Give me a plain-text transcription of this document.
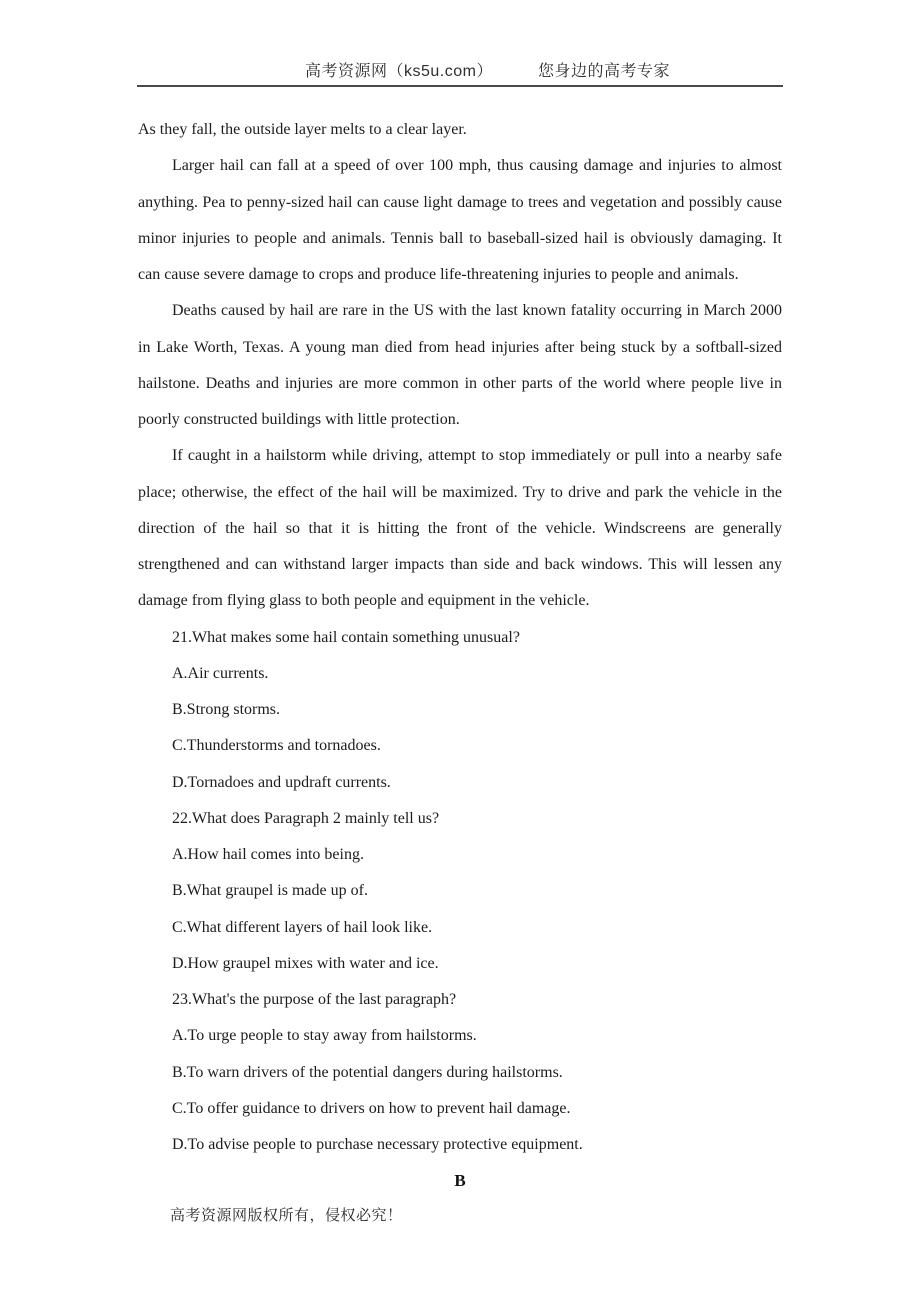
高考资源网（ks5u.com）	您身边的高考专家

As they fall, the outside layer melts to a clear layer.

Larger hail can fall at a speed of over 100 mph, thus causing damage and injuries to almost anything. Pea to penny-sized hail can cause light damage to trees and vegetation and possibly cause minor injuries to people and animals. Tennis ball to baseball-sized hail is obviously damaging. It can cause severe damage to crops and produce life-threatening injuries to people and animals.

Deaths caused by hail are rare in the US with the last known fatality occurring in March 2000 in Lake Worth, Texas. A young man died from head injuries after being stuck by a softball-sized hailstone. Deaths and injuries are more common in other parts of the world where people live in poorly constructed buildings with little protection.

If caught in a hailstorm while driving, attempt to stop immediately or pull into a nearby safe place; otherwise, the effect of the hail will be maximized. Try to drive and park the vehicle in the direction of the hail so that it is hitting the front of the vehicle. Windscreens are generally strengthened and can withstand larger impacts than side and back windows. This will lessen any damage from flying glass to both people and equipment in the vehicle.

21.What makes some hail contain something unusual?

A.Air currents.

B.Strong storms.

C.Thunderstorms and tornadoes.

D.Tornadoes and updraft currents.

22.What does Paragraph 2 mainly tell us?

A.How hail comes into being.

B.What graupel is made up of.

C.What different layers of hail look like.

D.How graupel mixes with water and ice.

23.What's the purpose of the last paragraph?

A.To urge people to stay away from hailstorms.

B.To warn drivers of the potential dangers during hailstorms.

C.To offer guidance to drivers on how to prevent hail damage.

D.To advise people to purchase necessary protective equipment.

B
高考资源网版权所有，侵权必究！
